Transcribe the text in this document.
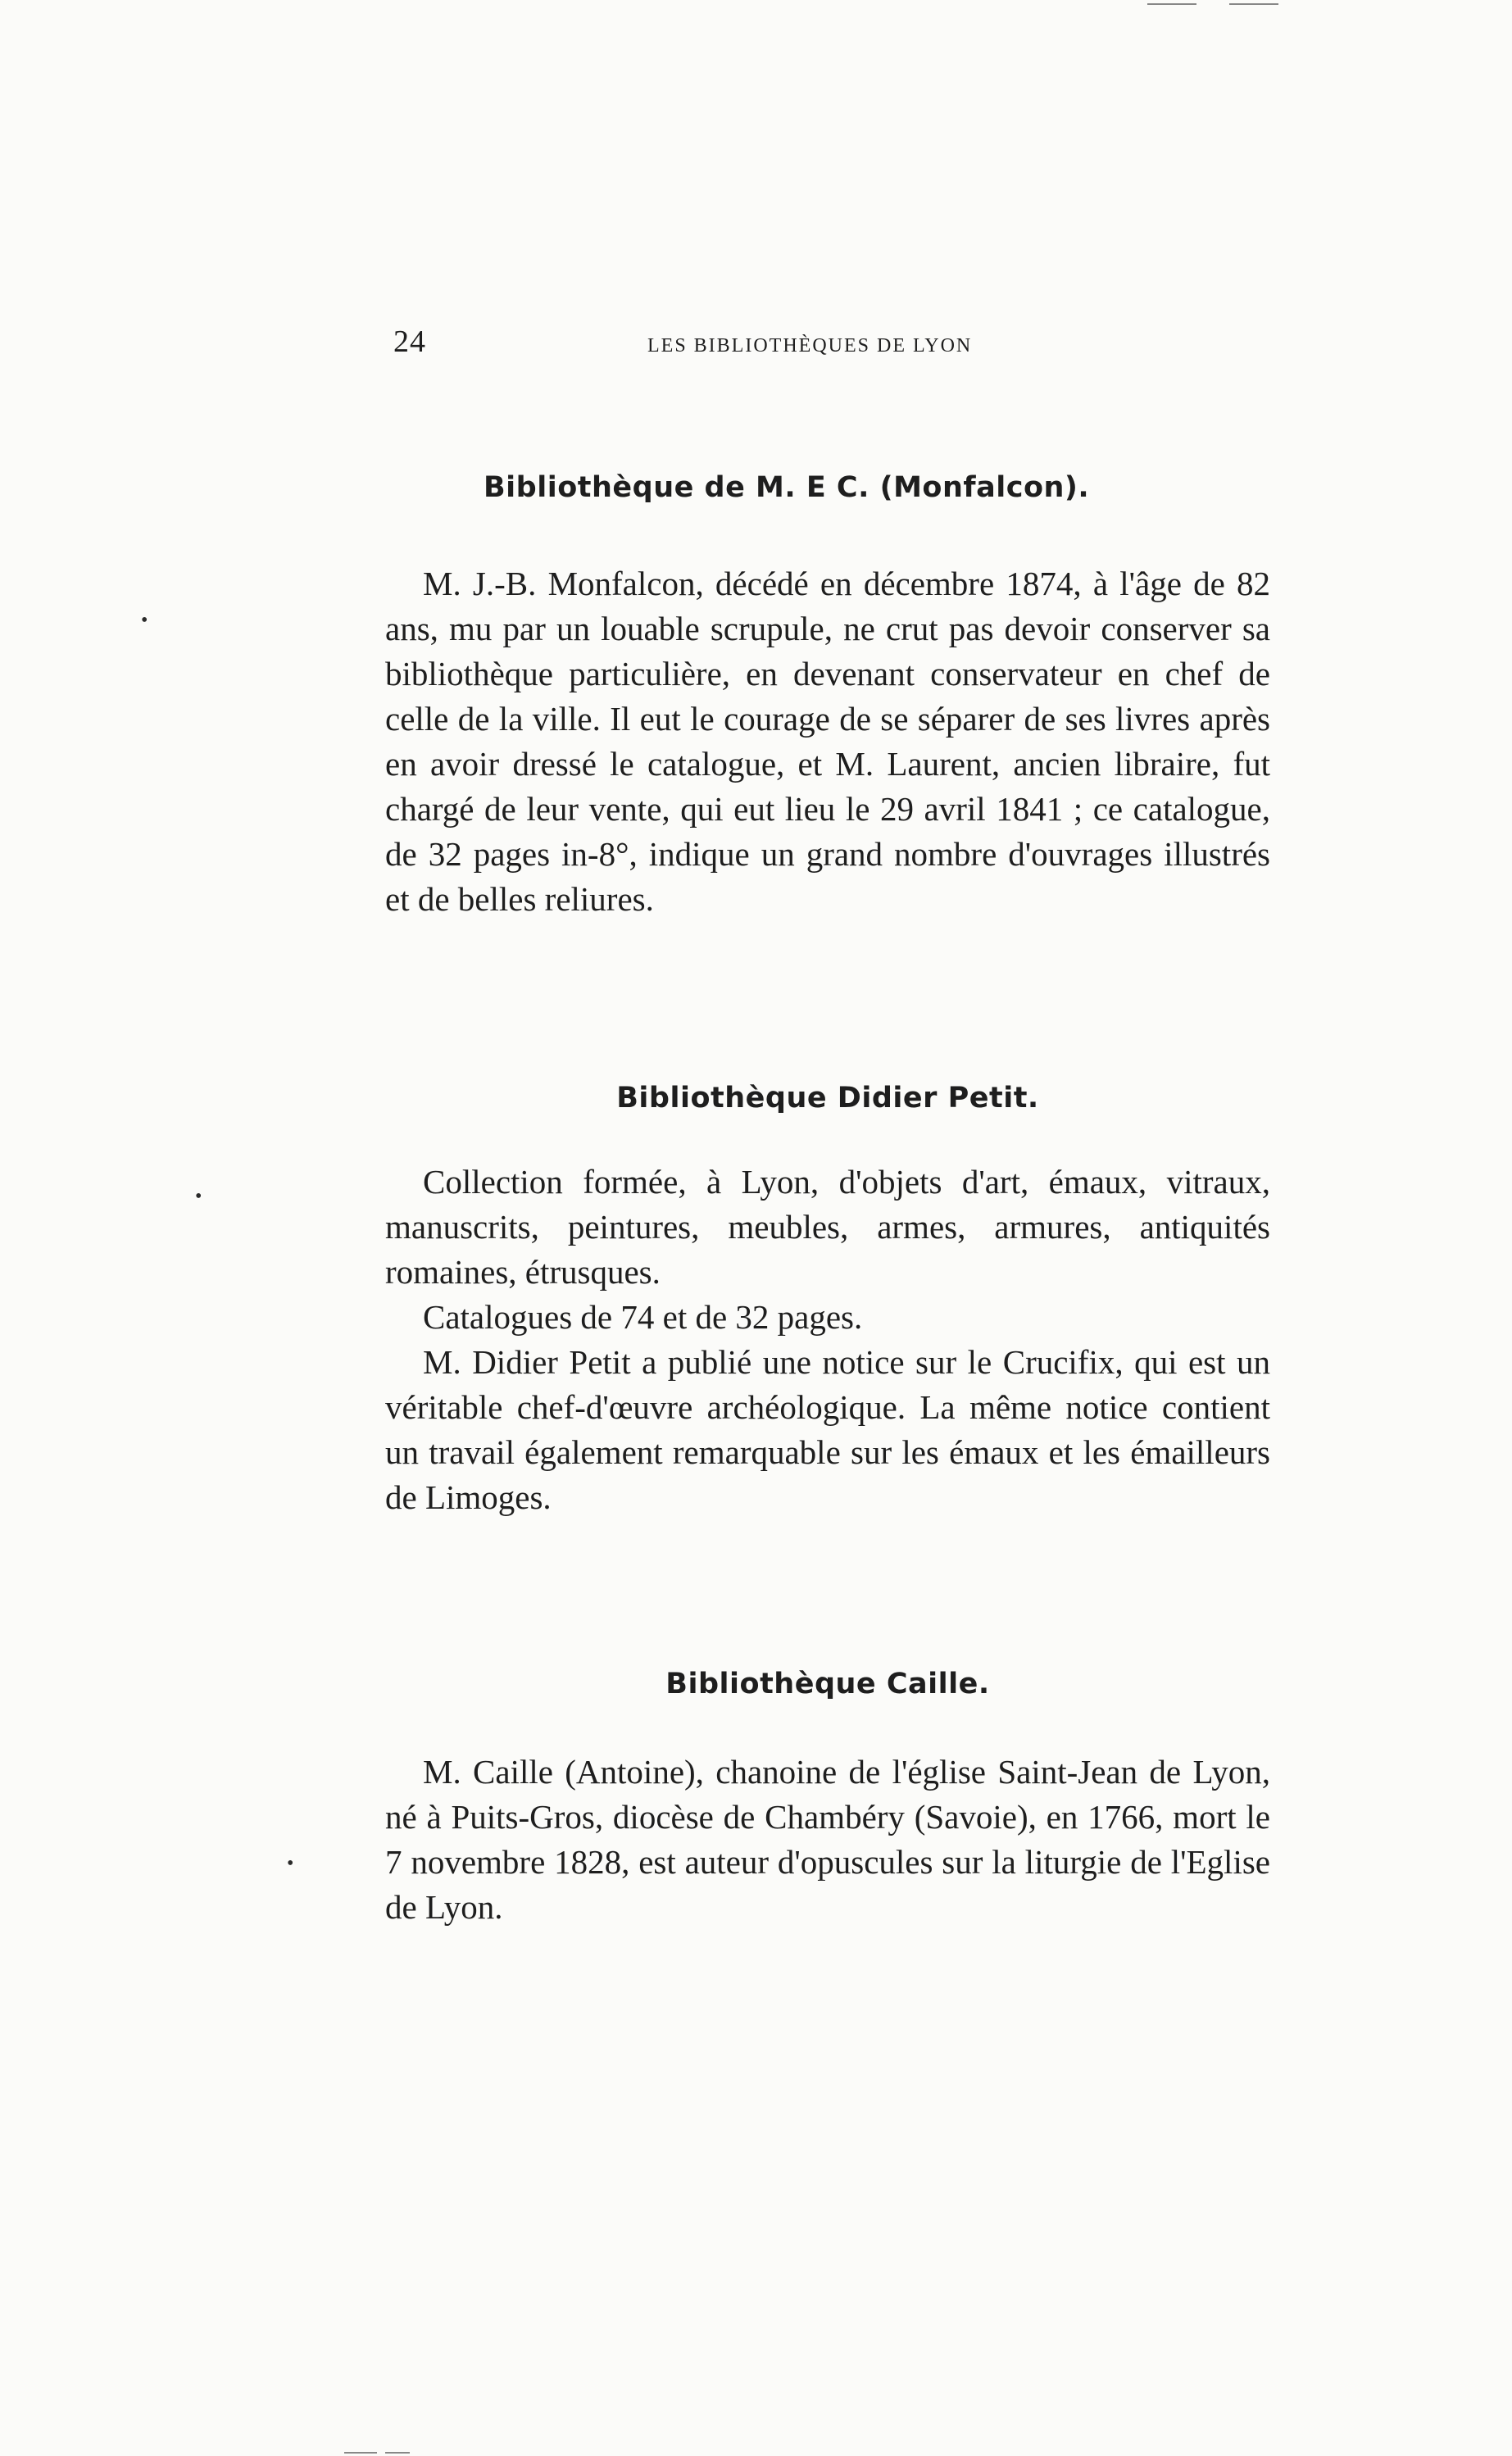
24	LES BIBLIOTHÈQUES DE LYON
Bibliothèque de M. E C. (Monfalcon).

M. J.-B. Monfalcon, décédé en décembre 1874, à l'âge de 82 ans, mu par un louable scrupule, ne crut pas devoir conserver sa bibliothèque particulière, en devenant conservateur en chef de celle de la ville. Il eut le courage de se séparer de ses livres après en avoir dressé le catalogue, et M. Laurent, ancien libraire, fut chargé de leur vente, qui eut lieu le 29 avril 1841 ; ce catalogue, de 32 pages in-8°, indique un grand nombre d'ouvrages illustrés et de belles reliures.

Bibliothèque Didier Petit.

Collection formée, à Lyon, d'objets d'art, émaux, vitraux, manuscrits, peintures, meubles, armes, armures, antiquités romaines, étrusques.

Catalogues de 74 et de 32 pages.

M. Didier Petit a publié une notice sur le Crucifix, qui est un véritable chef-d'œuvre archéologique. La même notice contient un travail également remarquable sur les émaux et les émailleurs de Limoges.

Bibliothèque Caille.

M. Caille (Antoine), chanoine de l'église Saint-Jean de Lyon, né à Puits-Gros, diocèse de Chambéry (Savoie), en 1766, mort le 7 novembre 1828, est auteur d'opuscules sur la liturgie de l'Eglise de Lyon.

•
•
•
